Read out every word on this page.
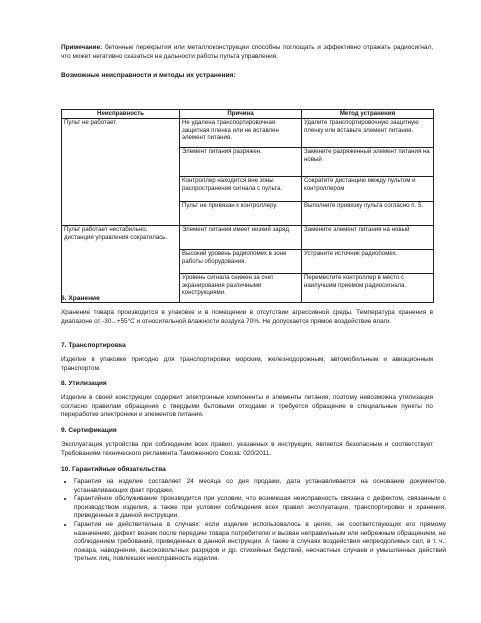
Примечание: бетонные перекрытия или металлоконструкции способны поглощать и эффективно отражать радиосигнал, что может негативно сказаться на дальности работы пульта управления.

Возможные неисправности и методы их устранения:

Неисправность	Причина	Метод устранения
Пульт не работает.	Не удалена транспортировочная защитная пленка или не вставлен элемент питания.	Удалите транспортировочную защитную пленку или вставьте элемент питания.
	Элемент питания разряжен.	Замените разряженный элемент питания на новый
	Контроллер находится вне зоны распространения сигнала с пульта.	Сократите дистанцию между пультом и контроллером
	Пульт не привязан к контроллеру.	Выполните привязку пульта согласно п. 5.
Пульт работает нестабильно, дистанция управления сократилась.	Элемент питания имеет низкий заряд.	Замените элемент питания на новый
	Высокий уровень радиопомех в зоне работы оборудования.	Устраните источник радиопомех.
	Уровень сигнала снижен за счет экранирования различными конструкциями.	Переместите контроллер в место с наилучшим приемом радиосигнала.

6. Хранение

Хранение товара производится в упаковке и в помещении в отсутствии агрессивной среды. Температура хранения в диапазоне от -30...+55°С и относительной влажности воздуха 70%. Не допускается прямое воздействие влаги.

7. Транспортировка

Изделие в упаковке пригодно для транспортировки морским, железнодорожным, автомобильным и авиационным транспортом.

8. Утилизация

Изделие в своей конструкции содержит электронные компоненты и элементы питания, поэтому невозможна утилизация согласно правилам обращения с твердыми бытовыми отходами и требуется обращение в специальные пункты по переработке электроники и элементов питания.

9. Сертификация

Эксплуатация устройства при соблюдении всех правил, указанных в инструкции, является безопасным и соответствует Требованиям технического регламента Таможенного Союза: 020/2011.

10. Гарантийные обязательства

• Гарантия на изделие составляет 24 месяца со дня продажи, дата устанавливается на основании документов, устанавливающих факт продажи.
• Гарантийное обслуживание производится при условии, что возникшая неисправность связана с дефектом, связанным с производством изделия, а также при условии соблюдения всех правил эксплуатации, транспортировки и хранения, приведенных в данной инструкции.
• Гарантия не действительна в случаях: если изделие использовалось в целях, не соответствующих его прямому назначению; дефект возник после передачи товара потребителю и вызван неправильным или небрежным обращением, не соблюдением требований, приведенных в данной инструкции. А также в случаях воздействия непреодолимых сил, в т. ч.: пожара, наводнения, высоковольтных разрядов и др. стихийных бедствий, несчастных случаев и умышленных действий третьих лиц, повлекших неисправность изделия.
